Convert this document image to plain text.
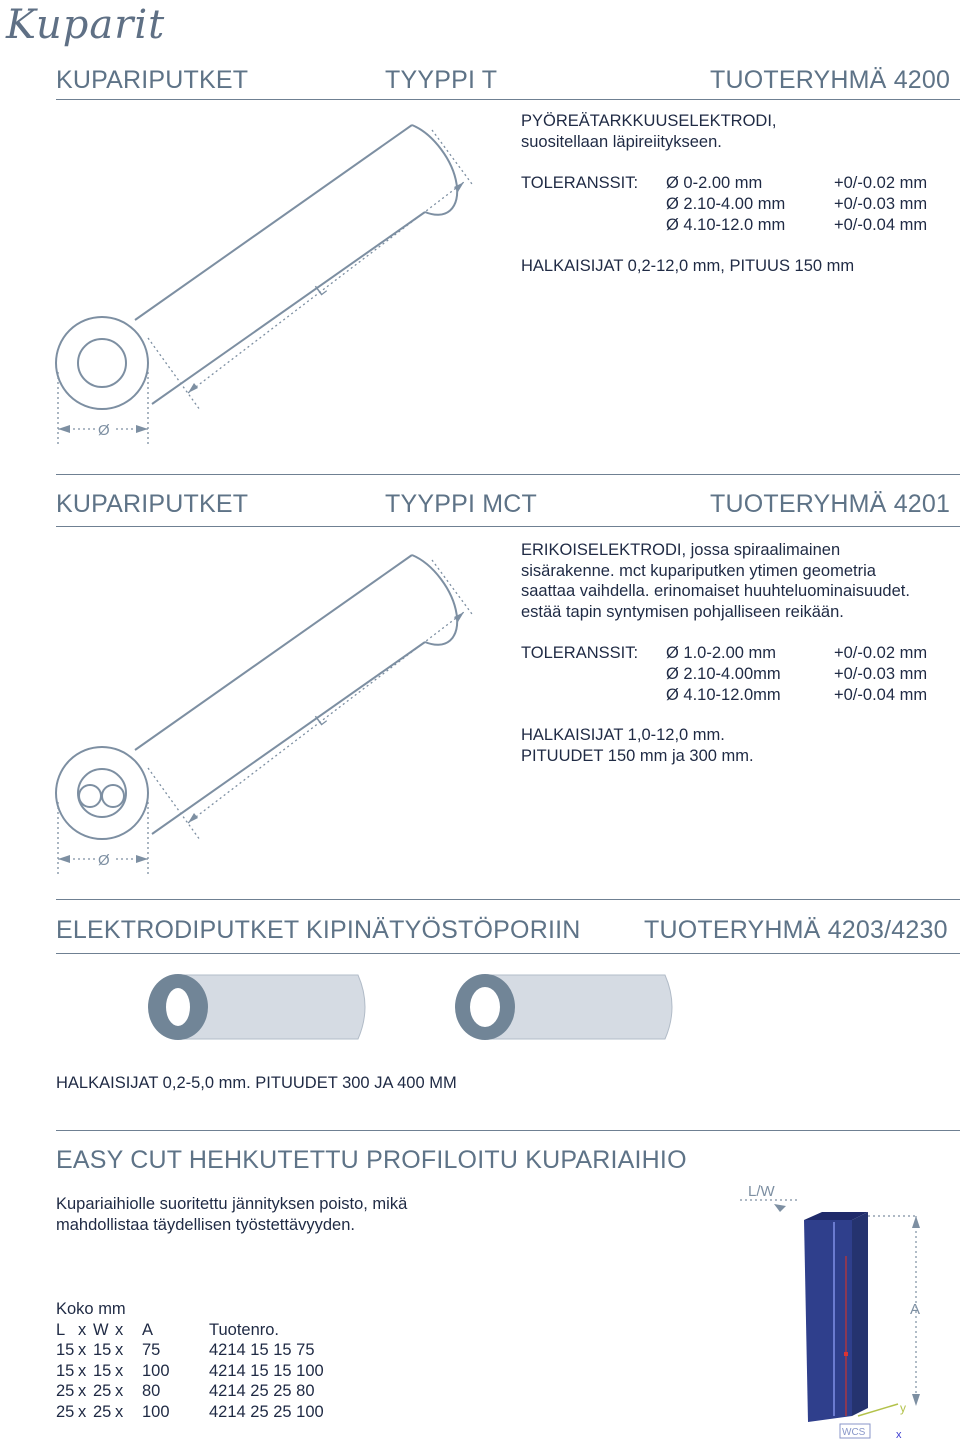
Kuparit
KUPARIPUTKET	TYYPPI T	TUOTERYHMÄ 4200
PYÖREÄTARKKUUSELEKTRODI,
suositellaan läpireiitykseen.
TOLERANSSIT: Ø 0-2.00 mm	+0/-0.02 mm
Ø 2.10-4.00 mm	+0/-0.03 mm
Ø 4.10-12.0 mm	+0/-0.04 mm
HALKAISIJAT 0,2-12,0 mm, PITUUS 150 mm
L
Ø
KUPARIPUTKET	TYYPPI MCT	TUOTERYHMÄ 4201
ERIKOISELEKTRODI, jossa spiraalimainen
sisärakenne. mct kupariputken ytimen geometria
saattaa vaihdella. erinomaiset huuhteluominaisuudet.
estää tapin syntymisen pohjalliseen reikään.
TOLERANSSIT: Ø 1.0-2.00 mm	+0/-0.02 mm
Ø 2.10-4.00mm	+0/-0.03 mm
Ø 4.10-12.0mm	+0/-0.04 mm
HALKAISIJAT 1,0-12,0 mm.
PITUUDET 150 mm ja 300 mm.
L
Ø
ELEKTRODIPUTKET KIPINÄTYÖSTÖPORIIN	TUOTERYHMÄ 4203/4230
HALKAISIJAT 0,2-5,0 mm. PITUUDET 300 JA 400 MM
EASY CUT HEHKUTETTU PROFILOITU KUPARIAIHIO
Kupariaihiolle suoritettu jännityksen poisto, mikä
mahdollistaa täydellisen työstettävyyden.
Koko mm
L	x	W	x	A	Tuotenro.
15	x	15	x	75	4214 15 15 75
15	x	15	x	100	4214 15 15 100
25	x	25	x	80	4214 25 25 80
25	x	25	x	100	4214 25 25 100
L/W
A
y
WCS	x
